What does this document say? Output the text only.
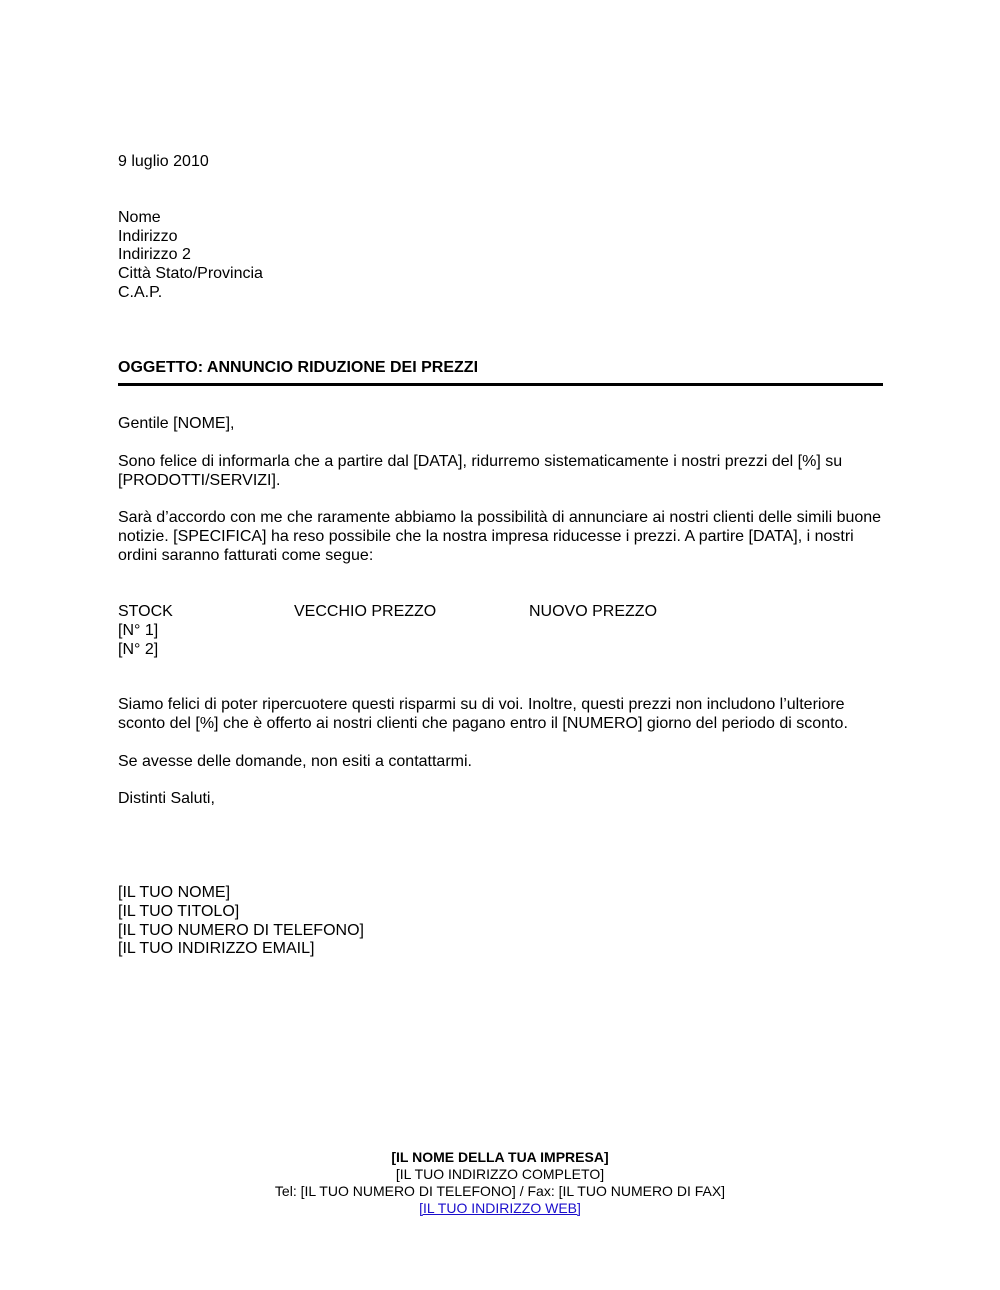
9 luglio 2010
Nome
Indirizzo
Indirizzo 2
Città Stato/Provincia
C.A.P.
OGGETTO: ANNUNCIO RIDUZIONE DEI PREZZI
Gentile [NOME],
Sono felice di informarla che a partire dal [DATA], ridurremo sistematicamente i nostri prezzi del [%] su [PRODOTTI/SERVIZI].
Sarà d’accordo con me che raramente abbiamo la possibilità di annunciare ai nostri clienti delle simili buone notizie. [SPECIFICA] ha reso possibile che la nostra impresa riducesse i prezzi. A partire [DATA], i nostri ordini saranno fatturati come segue:
STOCK	VECCHIO PREZZO	NUOVO PREZZO
[N° 1]
[N° 2]
Siamo felici di poter ripercuotere questi risparmi su di voi. Inoltre, questi prezzi non includono l’ulteriore sconto del [%] che è offerto ai nostri clienti che pagano entro il [NUMERO] giorno del periodo di sconto.
Se avesse delle domande, non esiti a contattarmi.
Distinti Saluti,
[IL TUO NOME]
[IL TUO TITOLO]
[IL TUO NUMERO DI TELEFONO]
[IL TUO INDIRIZZO EMAIL]
[IL NOME DELLA TUA IMPRESA]
[IL TUO INDIRIZZO COMPLETO]
Tel: [IL TUO NUMERO DI TELEFONO] / Fax: [IL TUO NUMERO DI FAX]
[IL TUO INDIRIZZO WEB]
